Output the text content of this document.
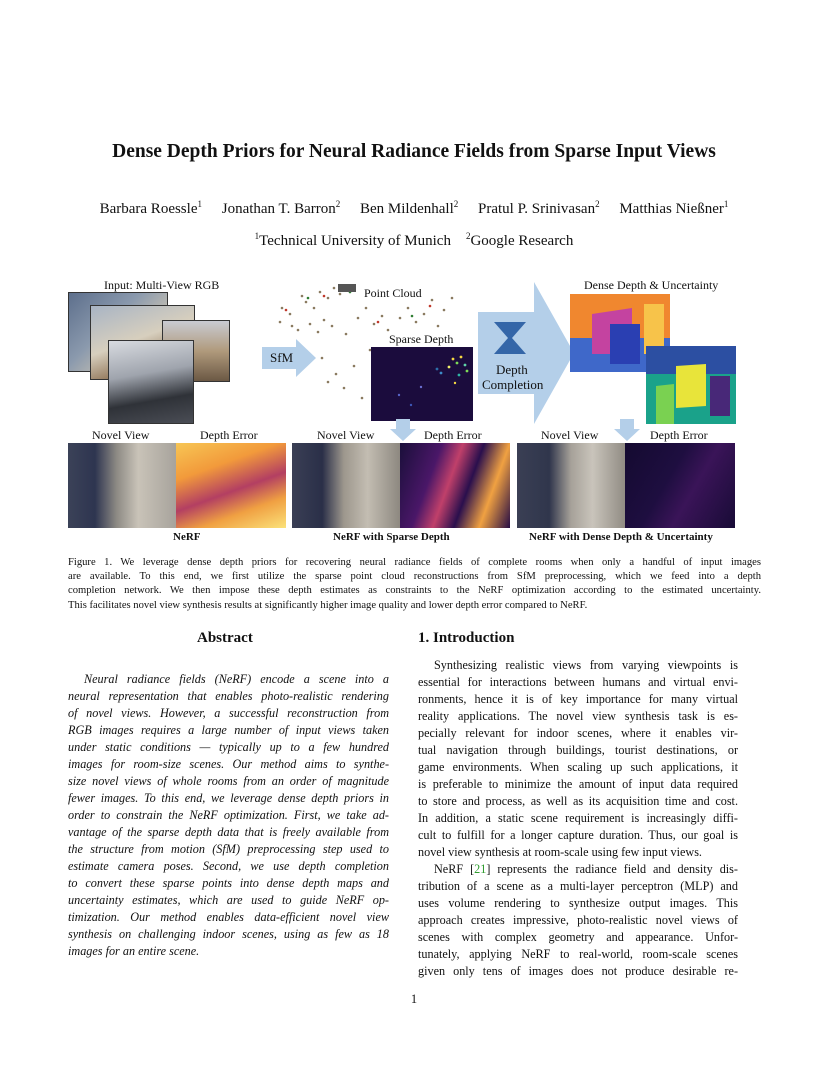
Dense Depth Priors for Neural Radiance Fields from Sparse Input Views
Barbara Roessle$^1$ Jonathan T. Barron$^2$ Ben Mildenhall$^2$ Pratul P. Srinivasan$^2$ Matthias Nießner$^1$
$^1$Technical University of Munich $^2$Google Research
Input: Multi-View RGB
Point Cloud
Dense Depth & Uncertainty
SfM
Sparse Depth
Depth
Completion
Novel View	Depth Error	Novel View	Depth Error	Novel View	Depth Error
NeRF	NeRF with Sparse Depth	NeRF with Dense Depth & Uncertainty
Figure 1. We leverage dense depth priors for recovering neural radiance fields of complete rooms when only a handful of input images
are available. To this end, we first utilize the sparse point cloud reconstructions from SfM preprocessing, which we feed into a depth
completion network. We then impose these depth estimates as constraints to the NeRF optimization according to the estimated uncertainty.
This facilitates novel view synthesis results at significantly higher image quality and lower depth error compared to NeRF.
Abstract
Neural radiance fields (NeRF) encode a scene into a
neural representation that enables photo-realistic rendering
of novel views. However, a successful reconstruction from
RGB images requires a large number of input views taken
under static conditions — typically up to a few hundred
images for room-size scenes. Our method aims to synthe-
size novel views of whole rooms from an order of magnitude
fewer images. To this end, we leverage dense depth priors in
order to constrain the NeRF optimization. First, we take ad-
vantage of the sparse depth data that is freely available from
the structure from motion (SfM) preprocessing step used to
estimate camera poses. Second, we use depth completion
to convert these sparse points into dense depth maps and
uncertainty estimates, which are used to guide NeRF op-
timization. Our method enables data-efficient novel view
synthesis on challenging indoor scenes, using as few as 18
images for an entire scene.
1. Introduction
Synthesizing realistic views from varying viewpoints is
essential for interactions between humans and virtual envi-
ronments, hence it is of key importance for many virtual
reality applications. The novel view synthesis task is es-
pecially relevant for indoor scenes, where it enables vir-
tual navigation through buildings, tourist destinations, or
game environments. When scaling up such applications, it
is preferable to minimize the amount of input data required
to store and process, as well as its acquisition time and cost.
In addition, a static scene requirement is increasingly diffi-
cult to fulfill for a longer capture duration. Thus, our goal is
novel view synthesis at room-scale using few input views.
NeRF [21] represents the radiance field and density dis-
tribution of a scene as a multi-layer perceptron (MLP) and
uses volume rendering to synthesize output images. This
approach creates impressive, photo-realistic novel views of
scenes with complex geometry and appearance. Unfor-
tunately, applying NeRF to real-world, room-scale scenes
given only tens of images does not produce desirable re-
1
